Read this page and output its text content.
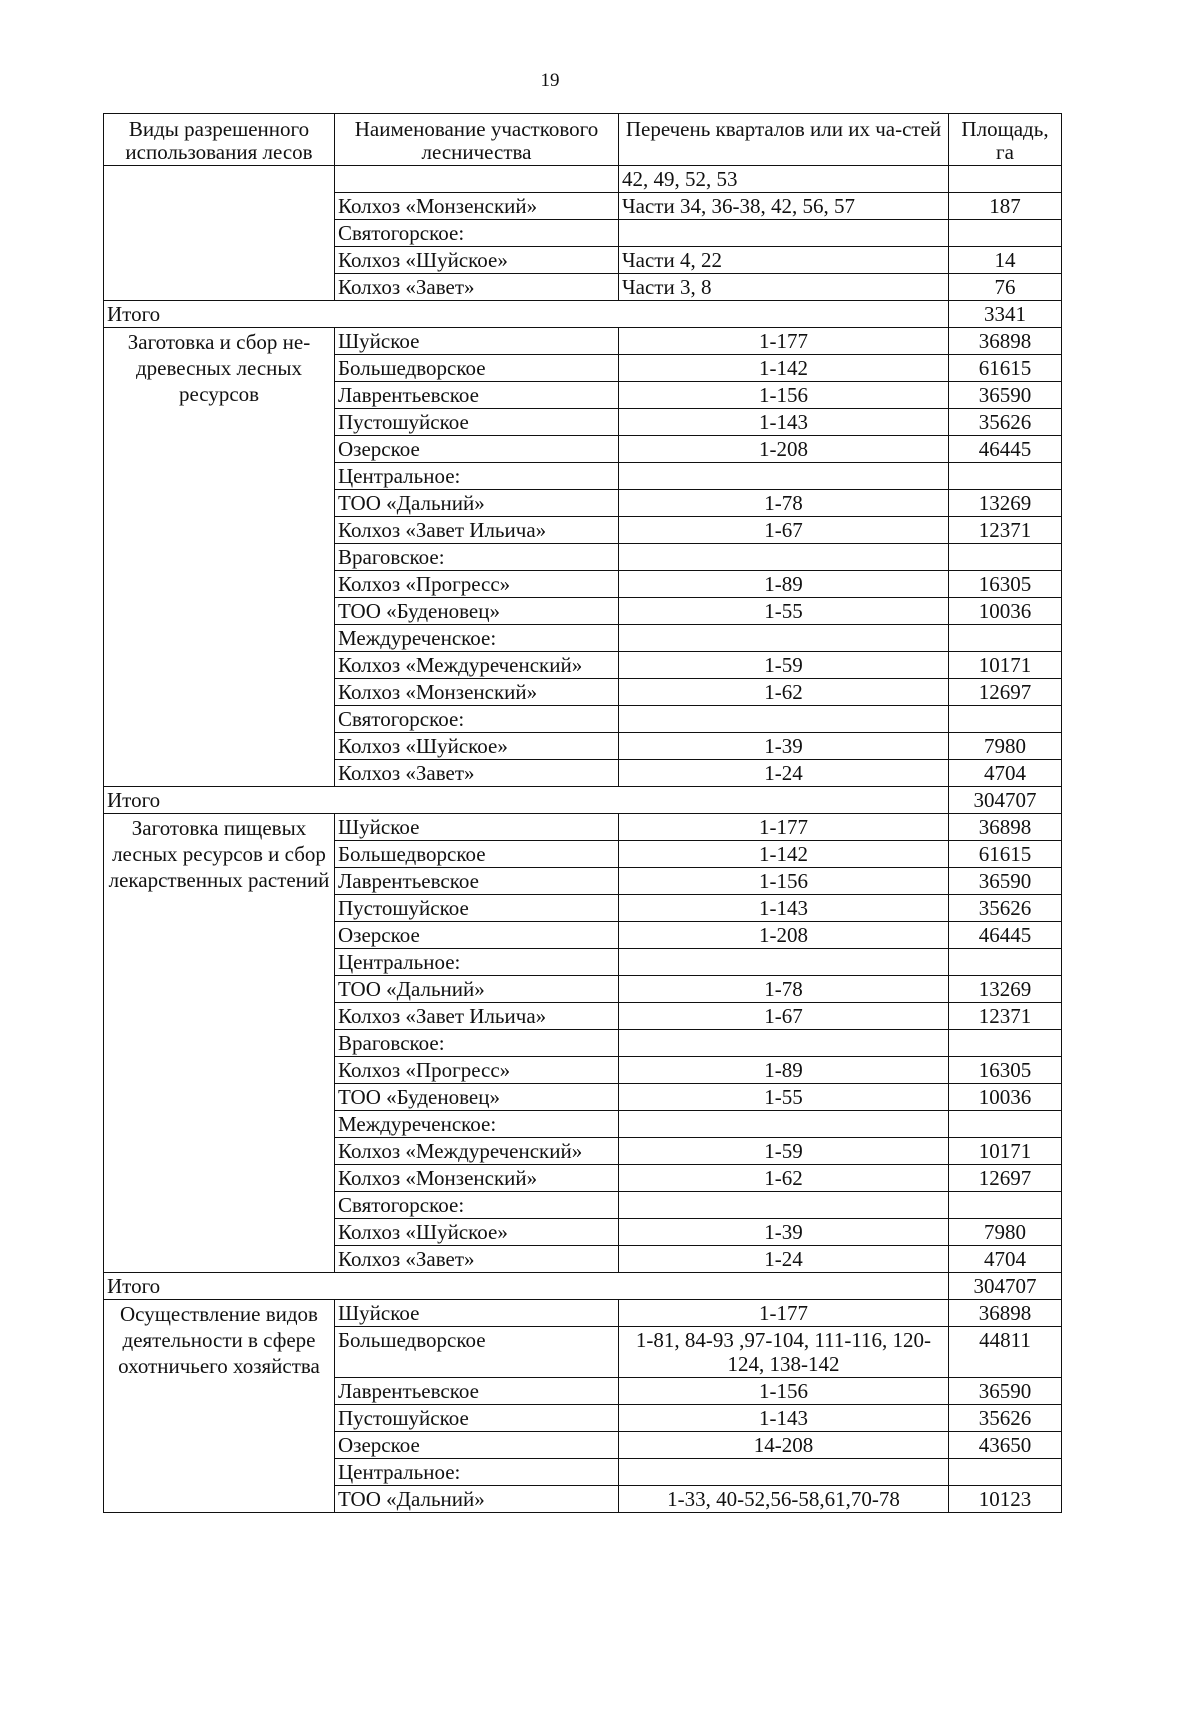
19
Виды разрешенного использования лесов	Наименование участкового лесничества	Перечень кварталов или их ча-стей	Площадь, га
		42, 49, 52, 53	
	Колхоз «Монзенский»	Части 34, 36-38, 42, 56, 57	187
	Святогорское:		
	Колхоз «Шуйское»	Части 4, 22	14
	Колхоз «Завет»	Части 3, 8	76
Итого			3341
Заготовка и сбор не-древесных лесных ресурсов	Шуйское	1-177	36898
	Большедворское	1-142	61615
	Лаврентьевское	1-156	36590
	Пустошуйское	1-143	35626
	Озерское	1-208	46445
	Центральное:		
	ТОО «Дальний»	1-78	13269
	Колхоз «Завет Ильича»	1-67	12371
	Враговское:		
	Колхоз «Прогресс»	1-89	16305
	ТОО «Буденовец»	1-55	10036
	Междуреченское:		
	Колхоз «Междуреченский»	1-59	10171
	Колхоз «Монзенский»	1-62	12697
	Святогорское:		
	Колхоз «Шуйское»	1-39	7980
	Колхоз «Завет»	1-24	4704
Итого			304707
Заготовка пищевых лесных ресурсов и сбор лекарственных растений	Шуйское	1-177	36898
	Большедворское	1-142	61615
	Лаврентьевское	1-156	36590
	Пустошуйское	1-143	35626
	Озерское	1-208	46445
	Центральное:		
	ТОО «Дальний»	1-78	13269
	Колхоз «Завет Ильича»	1-67	12371
	Враговское:		
	Колхоз «Прогресс»	1-89	16305
	ТОО «Буденовец»	1-55	10036
	Междуреченское:		
	Колхоз «Междуреченский»	1-59	10171
	Колхоз «Монзенский»	1-62	12697
	Святогорское:		
	Колхоз «Шуйское»	1-39	7980
	Колхоз «Завет»	1-24	4704
Итого			304707
Осуществление видов деятельности в сфере охотничьего хозяйства	Шуйское	1-177	36898
	Большедворское	1-81, 84-93 ,97-104, 111-116, 120-124, 138-142	44811
	Лаврентьевское	1-156	36590
	Пустошуйское	1-143	35626
	Озерское	14-208	43650
	Центральное:		
	ТОО «Дальний»	1-33, 40-52,56-58,61,70-78	10123
